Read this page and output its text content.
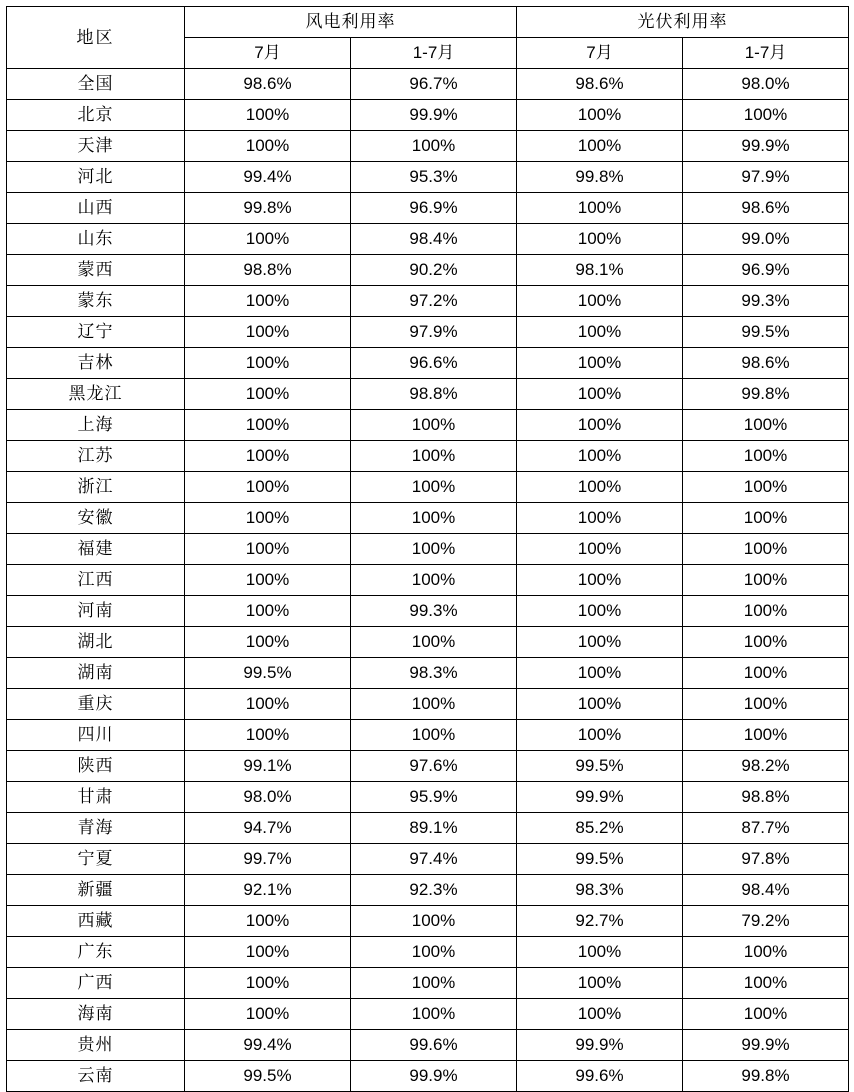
地区	风电利用率		光伏利用率	
	7月	1-7月	7月	1-7月
全国	98.6%	96.7%	98.6%	98.0%
北京	100%	99.9%	100%	100%
天津	100%	100%	100%	99.9%
河北	99.4%	95.3%	99.8%	97.9%
山西	99.8%	96.9%	100%	98.6%
山东	100%	98.4%	100%	99.0%
蒙西	98.8%	90.2%	98.1%	96.9%
蒙东	100%	97.2%	100%	99.3%
辽宁	100%	97.9%	100%	99.5%
吉林	100%	96.6%	100%	98.6%
黑龙江	100%	98.8%	100%	99.8%
上海	100%	100%	100%	100%
江苏	100%	100%	100%	100%
浙江	100%	100%	100%	100%
安徽	100%	100%	100%	100%
福建	100%	100%	100%	100%
江西	100%	100%	100%	100%
河南	100%	99.3%	100%	100%
湖北	100%	100%	100%	100%
湖南	99.5%	98.3%	100%	100%
重庆	100%	100%	100%	100%
四川	100%	100%	100%	100%
陕西	99.1%	97.6%	99.5%	98.2%
甘肃	98.0%	95.9%	99.9%	98.8%
青海	94.7%	89.1%	85.2%	87.7%
宁夏	99.7%	97.4%	99.5%	97.8%
新疆	92.1%	92.3%	98.3%	98.4%
西藏	100%	100%	92.7%	79.2%
广东	100%	100%	100%	100%
广西	100%	100%	100%	100%
海南	100%	100%	100%	100%
贵州	99.4%	99.6%	99.9%	99.9%
云南	99.5%	99.9%	99.6%	99.8%
